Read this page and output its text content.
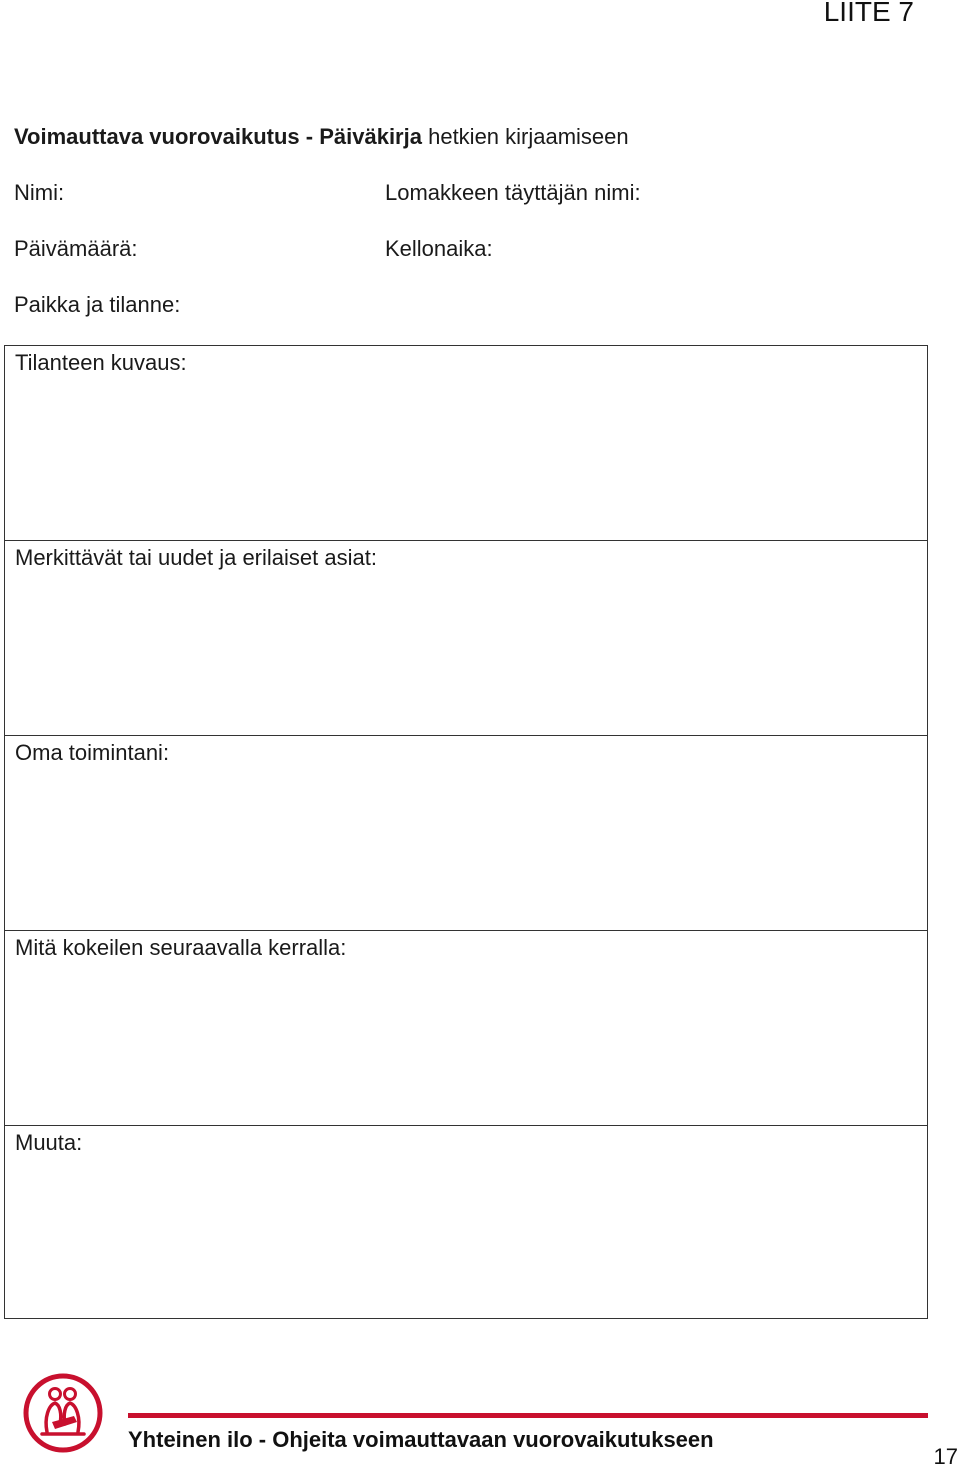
LIITE 7
Voimauttava vuorovaikutus - Päiväkirja hetkien kirjaamiseen
Nimi:	Lomakkeen täyttäjän nimi:
Päivämäärä:	Kellonaika:
Paikka ja tilanne:
Tilanteen kuvaus:
Merkittävät tai uudet ja erilaiset asiat:
Oma toimintani:
Mitä kokeilen seuraavalla kerralla:
Muuta:
Yhteinen ilo - Ohjeita voimauttavaan vuorovaikutukseen
17
